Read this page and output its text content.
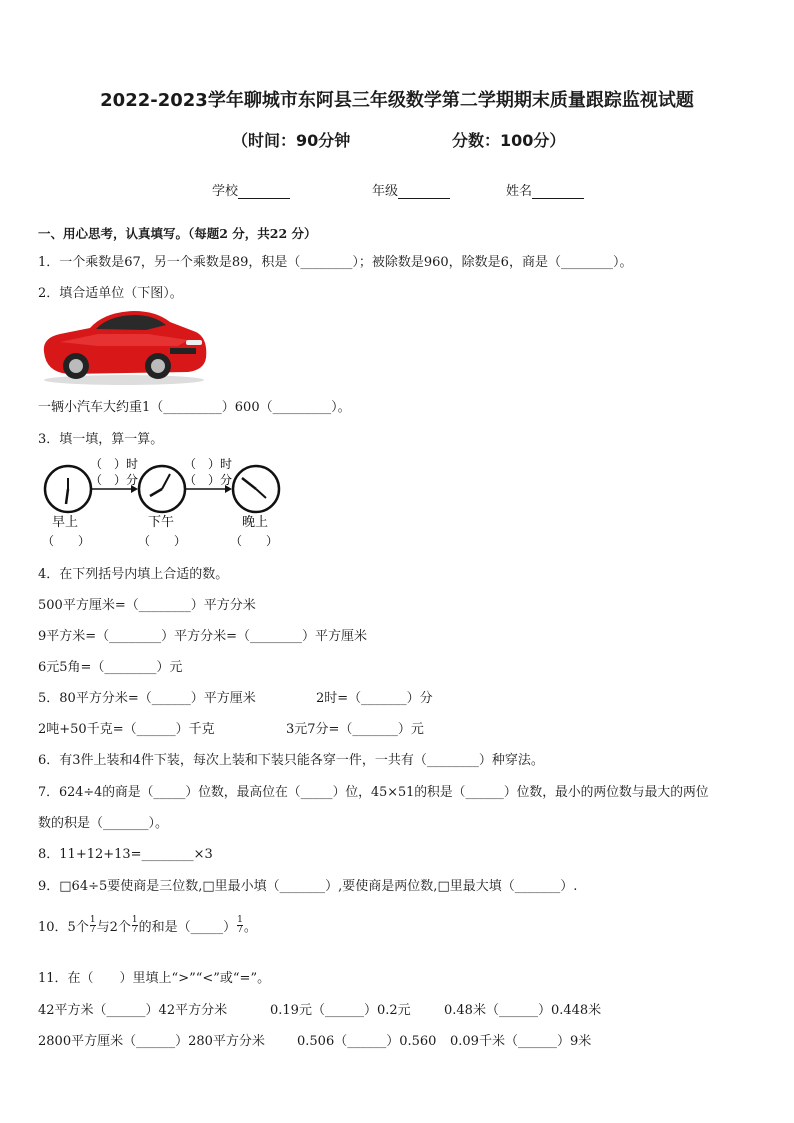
2022-2023学年聊城市东阿县三年级数学第二学期期末质量跟踪监视试题
（时间：90分钟	分数：100分）
学校	年级	姓名
一、用心思考，认真填写。（每题2 分，共22 分）
1．一个乘数是67，另一个乘数是89，积是（________）；被除数是960，除数是6，商是（________）。
2．填合适单位（下图）。
一辆小汽车大约重1（_________）600（_________）。
3．填一填，算一算。
（　）时
（　）分
（　）时
（　）分
早上	下午	晚上
（　　）	（　　）	（　　）
4．在下列括号内填上合适的数。
500平方厘米=（________）平方分米
9平方米=（________）平方分米=（________）平方厘米
6元5角=（________）元
5．80平方分米=（______）平方厘米	2时=（_______）分
2吨+50千克=（______）千克	3元7分=（_______）元
6．有3件上装和4件下装，每次上装和下装只能各穿一件，一共有（________）种穿法。
7．624÷4的商是（_____）位数，最高位在（_____）位，45×51的积是（______）位数，最小的两位数与最大的两位
数的积是（_______）。
8．11+12+13=________×3
9．□64÷5要使商是三位数,□里最小填（_______）,要使商是两位数,□里最大填（_______）.
10．5个 $\frac{1}{7}$ 与2个 $\frac{1}{7}$ 的和是（_____） $\frac{1}{7}$ 。
11．在（　　）里填上“>”“<”或“=”。
42平方米（______）42平方分米	0.19元（______）0.2元	0.48米（______）0.448米
2800平方厘米（______）280平方分米 0.506（______）0.560 0.09千米（______）9米
